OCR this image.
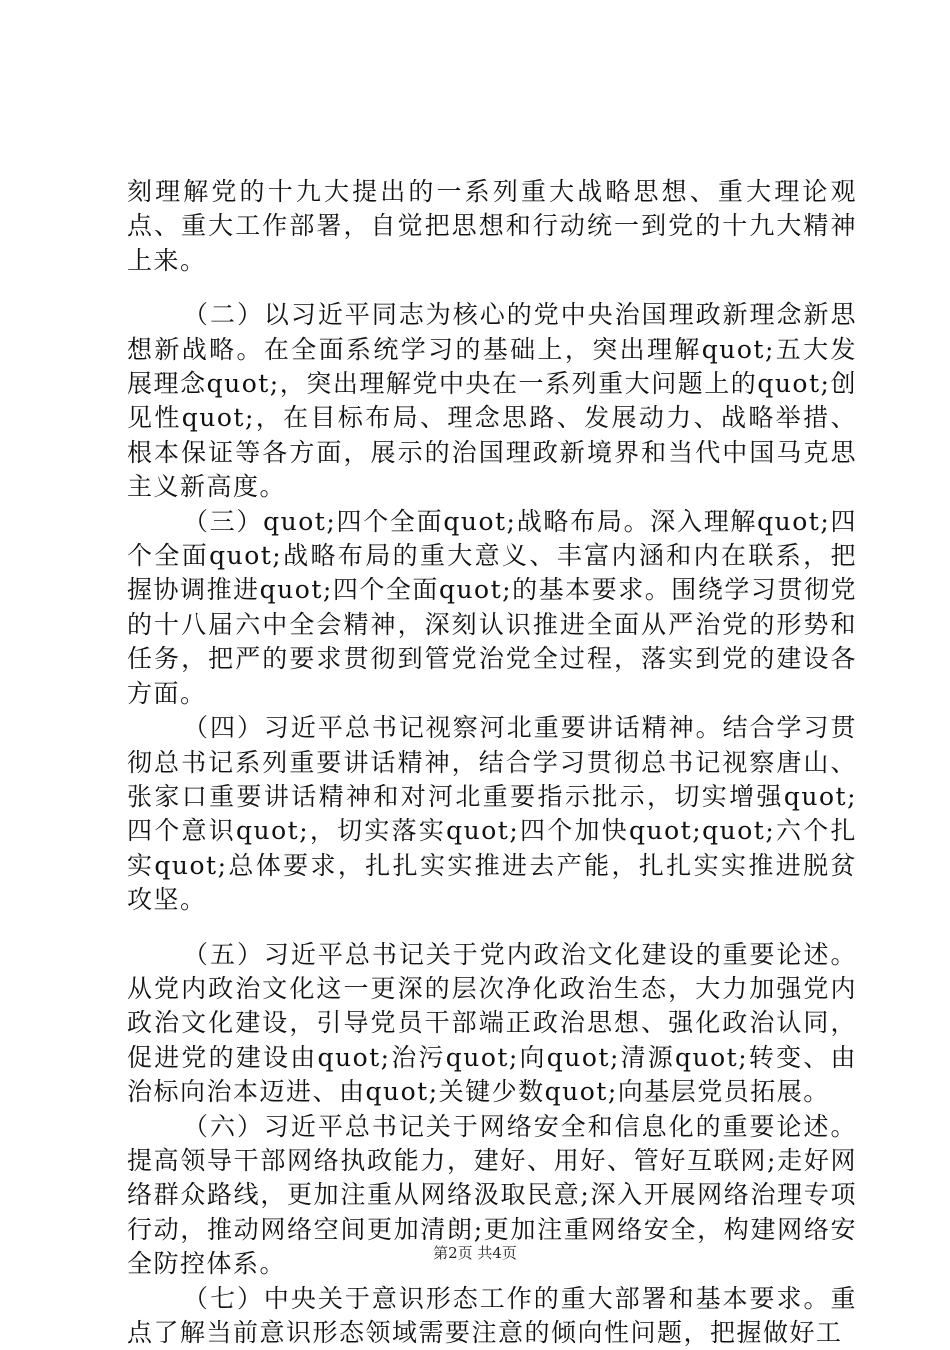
刻理解党的十九大提出的一系列重大战略思想、重大理论观点、重大工作部署，自觉把思想和行动统一到党的十九大精神上来。

（二）以习近平同志为核心的党中央治国理政新理念新思想新战略。在全面系统学习的基础上，突出理解quot;五大发展理念quot;，突出理解党中央在一系列重大问题上的quot;创见性quot;，在目标布局、理念思路、发展动力、战略举措、根本保证等各方面，展示的治国理政新境界和当代中国马克思主义新高度。

（三）quot;四个全面quot;战略布局。深入理解quot;四个全面quot;战略布局的重大意义、丰富内涵和内在联系，把握协调推进quot;四个全面quot;的基本要求。围绕学习贯彻党的十八届六中全会精神，深刻认识推进全面从严治党的形势和任务，把严的要求贯彻到管党治党全过程，落实到党的建设各方面。

（四）习近平总书记视察河北重要讲话精神。结合学习贯彻总书记系列重要讲话精神，结合学习贯彻总书记视察唐山、张家口重要讲话精神和对河北重要指示批示，切实增强quot;四个意识quot;，切实落实quot;四个加快quot;quot;六个扎实quot;总体要求，扎扎实实推进去产能，扎扎实实推进脱贫攻坚。

（五）习近平总书记关于党内政治文化建设的重要论述。从党内政治文化这一更深的层次净化政治生态，大力加强党内政治文化建设，引导党员干部端正政治思想、强化政治认同，促进党的建设由quot;治污quot;向quot;清源quot;转变、由治标向治本迈进、由quot;关键少数quot;向基层党员拓展。

（六）习近平总书记关于网络安全和信息化的重要论述。提高领导干部网络执政能力，建好、用好、管好互联网;走好网络群众路线，更加注重从网络汲取民意;深入开展网络治理专项行动，推动网络空间更加清朗;更加注重网络安全，构建网络安全防控体系。

（七）中央关于意识形态工作的重大部署和基本要求。重点了解当前意识形态领域需要注意的倾向性问题，把握做好工

第2页 共4页
